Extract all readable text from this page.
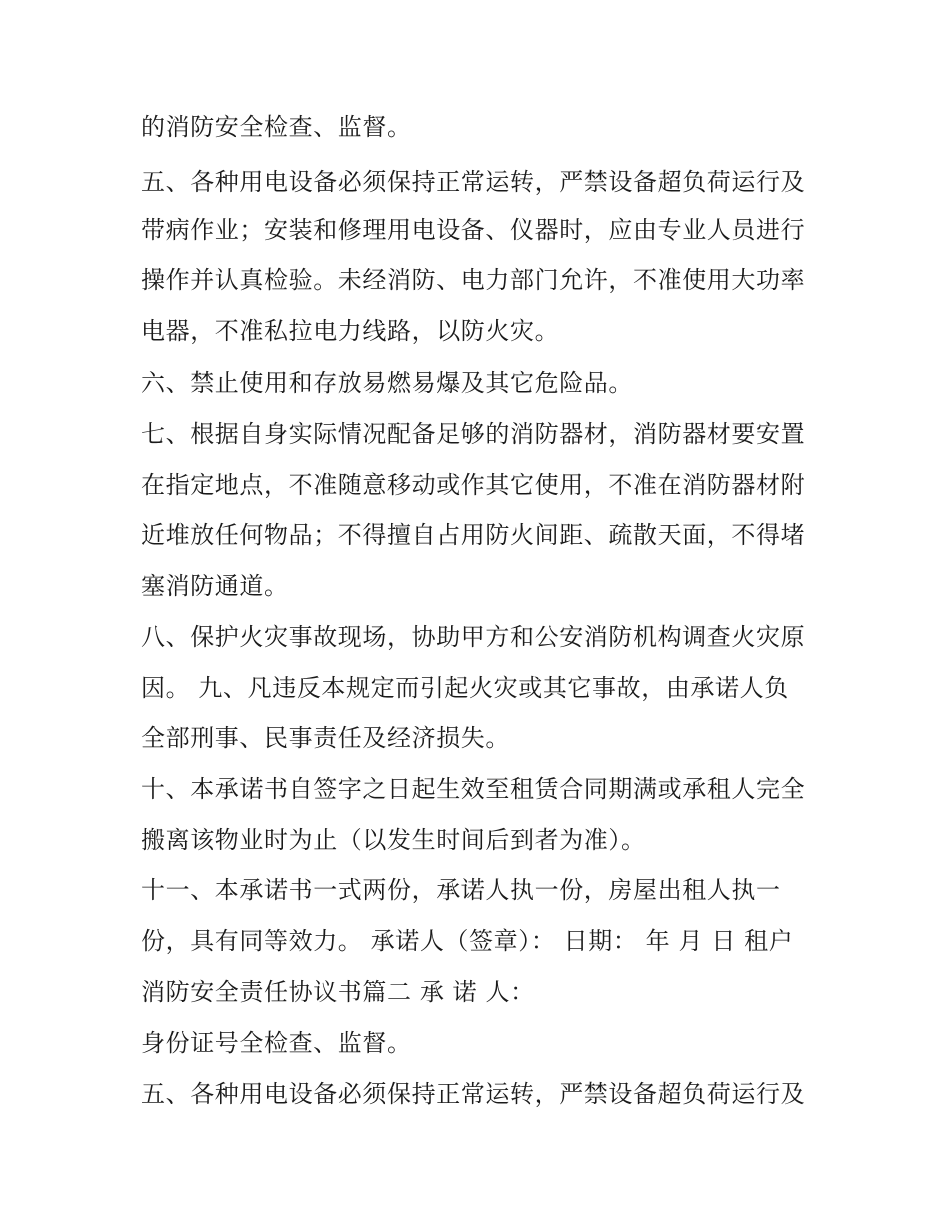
的消防安全检查、监督。
五、各种用电设备必须保持正常运转，严禁设备超负荷运行及
带病作业；安装和修理用电设备、仪器时，应由专业人员进行
操作并认真检验。未经消防、电力部门允许，不准使用大功率
电器，不准私拉电力线路，以防火灾。
六、禁止使用和存放易燃易爆及其它危险品。
七、根据自身实际情况配备足够的消防器材，消防器材要安置
在指定地点，不准随意移动或作其它使用，不准在消防器材附
近堆放任何物品；不得擅自占用防火间距、疏散天面，不得堵
塞消防通道。
八、保护火灾事故现场，协助甲方和公安消防机构调查火灾原
因。 九、凡违反本规定而引起火灾或其它事故，由承诺人负
全部刑事、民事责任及经济损失。
十、本承诺书自签字之日起生效至租赁合同期满或承租人完全
搬离该物业时为止（以发生时间后到者为准）。
十一、本承诺书一式两份，承诺人执一份，房屋出租人执一
份，具有同等效力。 承诺人（签章）： 日期： 年 月 日 租户
消防安全责任协议书篇二 承 诺 人：
身份证号全检查、监督。
五、各种用电设备必须保持正常运转，严禁设备超负荷运行及
